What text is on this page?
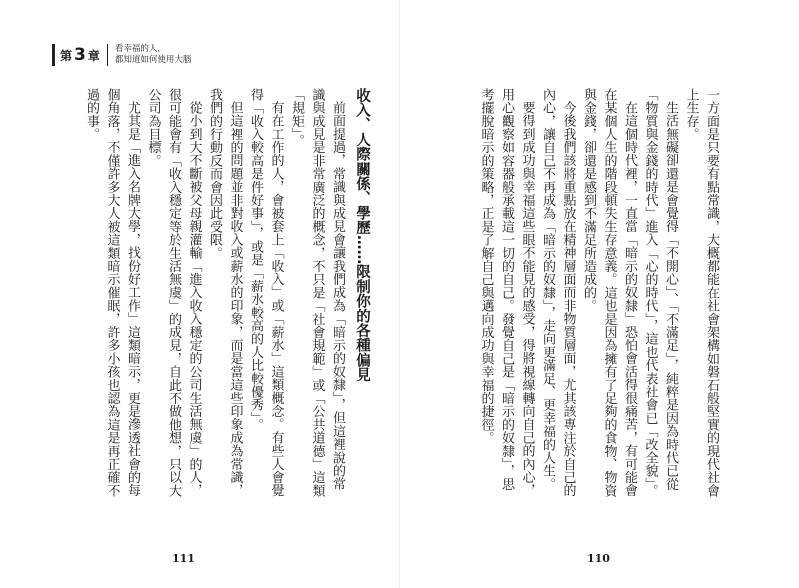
第 3 章 看幸福的人，
都知道如何使用大腦

收入、人際關係、學歷……限制你的各種偏見

前面提過，常識與成見會讓我們成為「暗示的奴隸」，但這裡說的常識與成見是非常廣泛的概念，不只是「社會規範」或「公共道德」這類「規矩」。

有在工作的人，會被套上「收入」或「薪水」這類概念。有些人會覺得「收入較高是件好事」，或是「薪水較高的人比較優秀」。

但這裡的問題並非對收入或薪水的印象，而是當這些印象成為常識，我們的行動反而會因此受限。

從小到大不斷被父母親灌輸「進入收入穩定的公司生活無虞」的人，很可能會有「收入穩定等於生活無虞」的成見，自此不做他想，只以大公司為目標。

尤其是「進入名牌大學，找份好工作」這類暗示，更是滲透社會的每個角落，不僅許多大人被這類暗示催眠，許多小孩也認為這是再正確不過的事。

111

一方面是只要有點常識，大概都能在社會架構如磐石般堅實的現代社會上生存。

生活無礙卻還是會覺得「不開心」、「不滿足」，純粹是因為時代已從「物質與金錢的時代」進入「心的時代」，這也代表社會已「改全貌」。

在這個時代裡，一直當「暗示的奴隸」恐怕會活得很痛苦，有可能會在某個人生的階段頓失生存意義。這也是因為擁有了足夠的食物、物資與金錢，卻還是感到不滿足所造成的。

今後我們該將重點放在精神層面而非物質層面，尤其該專注於自己的內心，讓自己不再成為「暗示的奴隸」，走向更滿足、更幸福的人生。

要得到成功與幸福這些眼不能見的感受，得將視線轉向自己的內心，用心觀察如容器般承載這一切的自己。發覺自己是「暗示的奴隸」，思考擺脫暗示的策略，正是了解自己與邁向成功與幸福的捷徑。

110
